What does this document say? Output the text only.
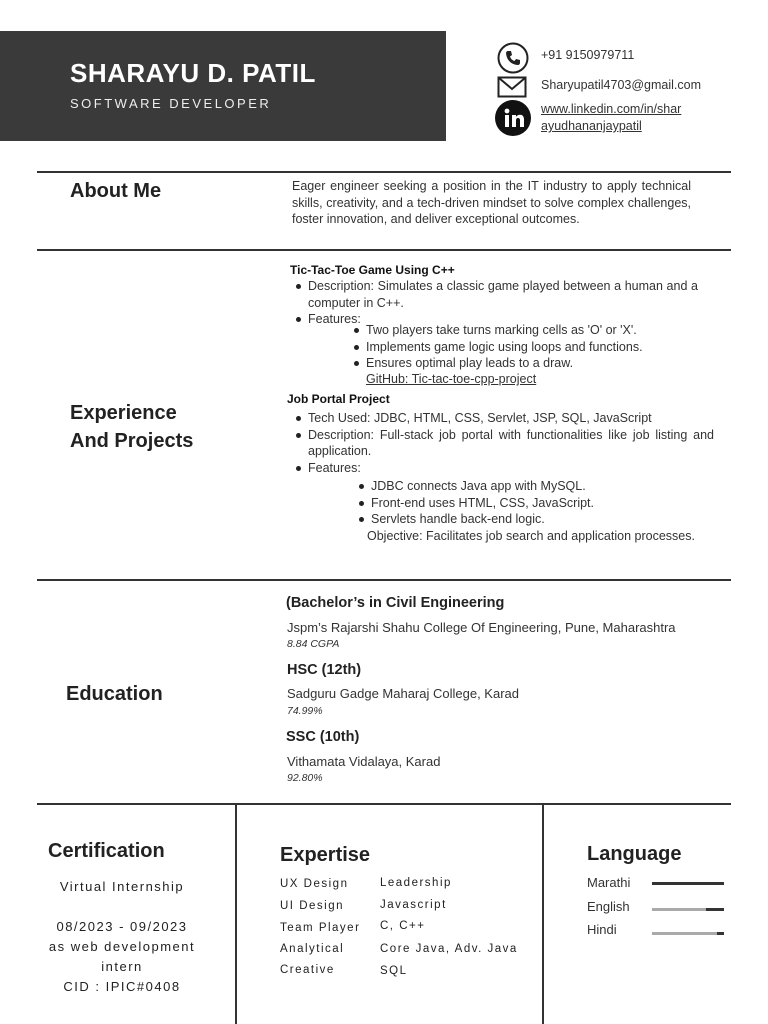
SHARAYU D. PATIL
SOFTWARE DEVELOPER
+91 9150979711
Sharyupatil4703@gmail.com
www.linkedin.com/in/shar
ayudhananjaypatil
About Me	Eager engineer seeking a position in the IT industry to apply technical skills, creativity, and a tech-driven mindset to solve complex challenges, foster innovation, and deliver exceptional outcomes.
Experience
And Projects
Tic-Tac-Toe Game Using C++
Description: Simulates a classic game played between a human and a computer in C++.
Features:
Two players take turns marking cells as 'O' or 'X'.
Implements game logic using loops and functions.
Ensures optimal play leads to a draw.
GitHub: Tic-tac-toe-cpp-project
Job Portal Project
Tech Used: JDBC, HTML, CSS, Servlet, JSP, SQL, JavaScript
Description: Full-stack job portal with functionalities like job listing and application.
Features:
JDBC connects Java app with MySQL.
Front-end uses HTML, CSS, JavaScript.
Servlets handle back-end logic.
Objective: Facilitates job search and application processes.
Education
(Bachelor’s in Civil Engineering
Jspm’s Rajarshi Shahu College Of Engineering, Pune, Maharashtra
8.84 CGPA
HSC (12th)
Sadguru Gadge Maharaj College, Karad
74.99%
SSC (10th)
Vithamata Vidalaya, Karad
92.80%
Certification
Virtual Internship
08/2023 - 09/2023
as web development
intern
CID : IPIC#0408
Expertise
UX Design
UI Design
Team Player
Analytical
Creative
Leadership
Javascript
C, C++
Core Java, Adv. Java
SQL
Language
Marathi
English
Hindi
